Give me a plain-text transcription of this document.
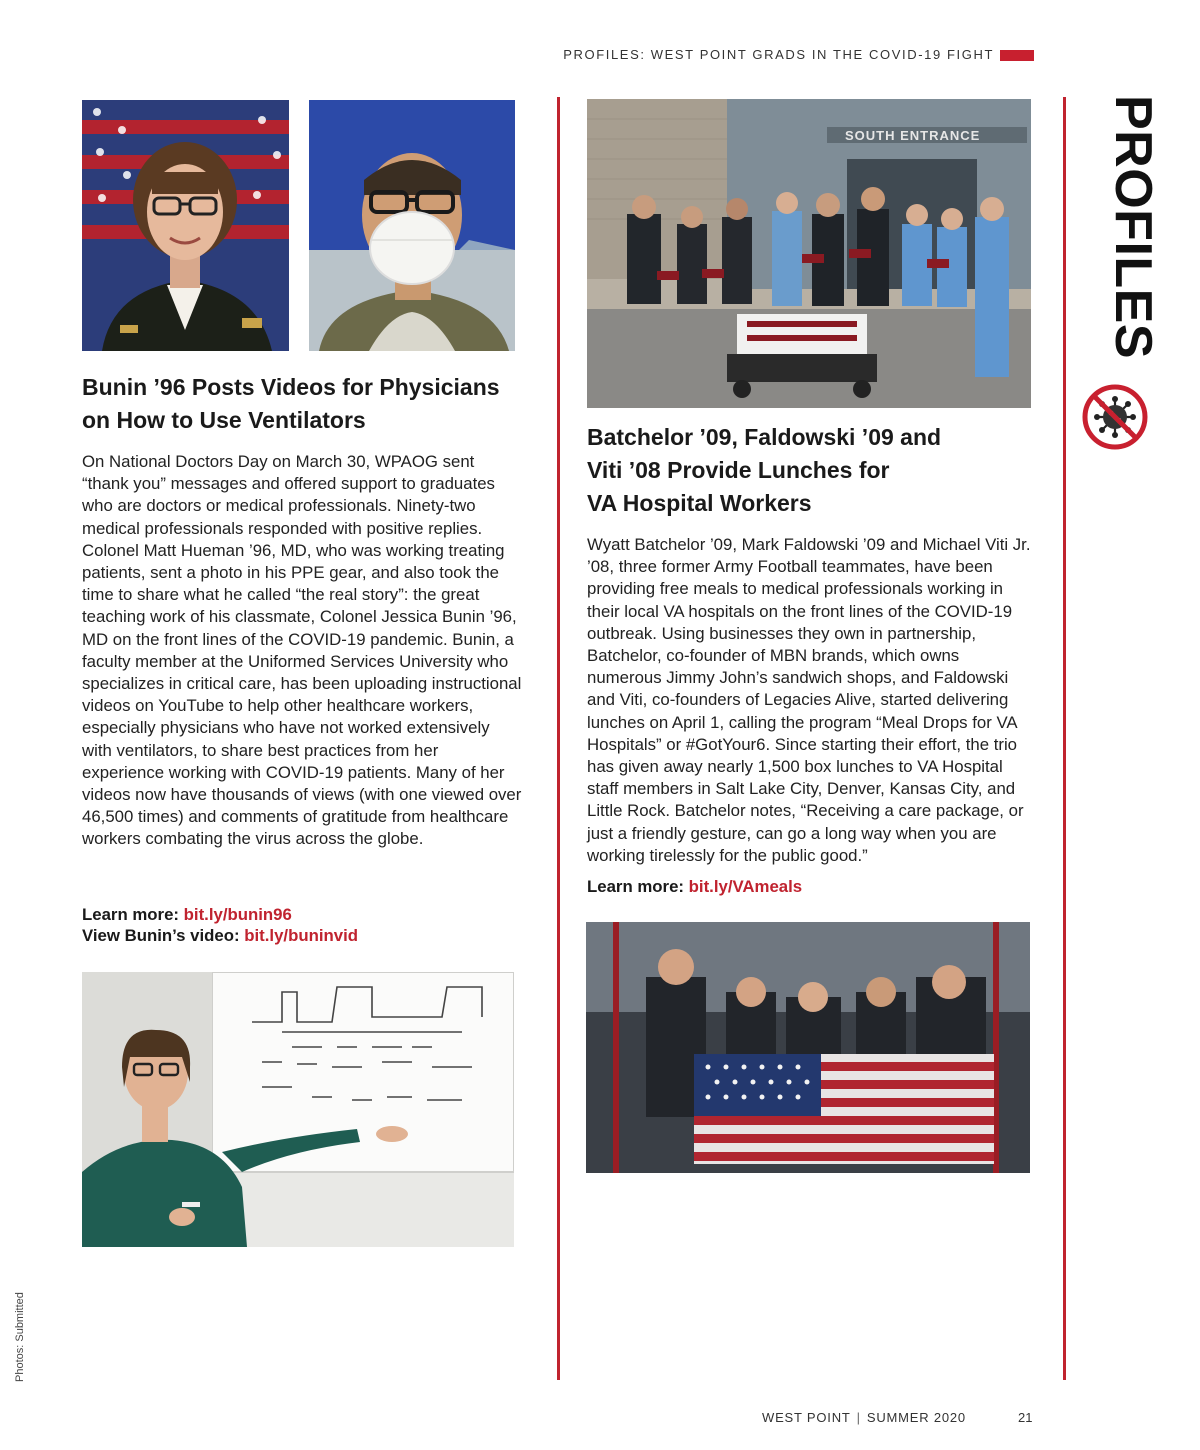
PROFILES: WEST POINT GRADS IN THE COVID-19 FIGHT
PROFILES
Bunin ’96 Posts Videos for Physicians on How to Use Ventilators
On National Doctors Day on March 30, WPAOG sent “thank you” messages and offered support to graduates who are doctors or medical professionals. Ninety-two medical professionals responded with positive replies. Colonel Matt Hueman ’96, MD, who was working treating patients, sent a photo in his PPE gear, and also took the time to share what he called “the real story”: the great teaching work of his classmate, Colonel Jessica Bunin ’96, MD on the front lines of the COVID-19 pandemic. Bunin, a faculty member at the Uniformed Services University who specializes in critical care, has been uploading instructional videos on YouTube to help other healthcare workers, especially physicians who have not worked extensively with ventilators, to share best practices from her experience working with COVID-19 patients. Many of her videos now have thousands of views (with one viewed over 46,500 times) and comments of gratitude from healthcare workers combating the virus across the globe.
Learn more: bit.ly/bunin96
View Bunin’s video: bit.ly/buninvid
SOUTH ENTRANCE
Batchelor ’09, Faldowski ’09 and
Viti ’08 Provide Lunches for
VA Hospital Workers
Wyatt Batchelor ’09, Mark Faldowski ’09 and Michael Viti Jr. ’08, three former Army Football teammates, have been providing free meals to medical professionals working in their local VA hospitals on the front lines of the COVID-19 outbreak. Using businesses they own in partnership, Batchelor, co-founder of MBN brands, which owns numerous Jimmy John’s sandwich shops, and Faldowski and Viti, co-founders of Legacies Alive, started delivering lunches on April 1, calling the program “Meal Drops for VA Hospitals” or #GotYour6. Since starting their effort, the trio has given away nearly 1,500 box lunches to VA Hospital staff members in Salt Lake City, Denver, Kansas City, and Little Rock. Batchelor notes, “Receiving a care package, or just a friendly gesture, can go a long way when you are working tirelessly for the public good.”
Learn more: bit.ly/VAmeals
Photos: Submitted
WEST POINT | SUMMER 2020	21
